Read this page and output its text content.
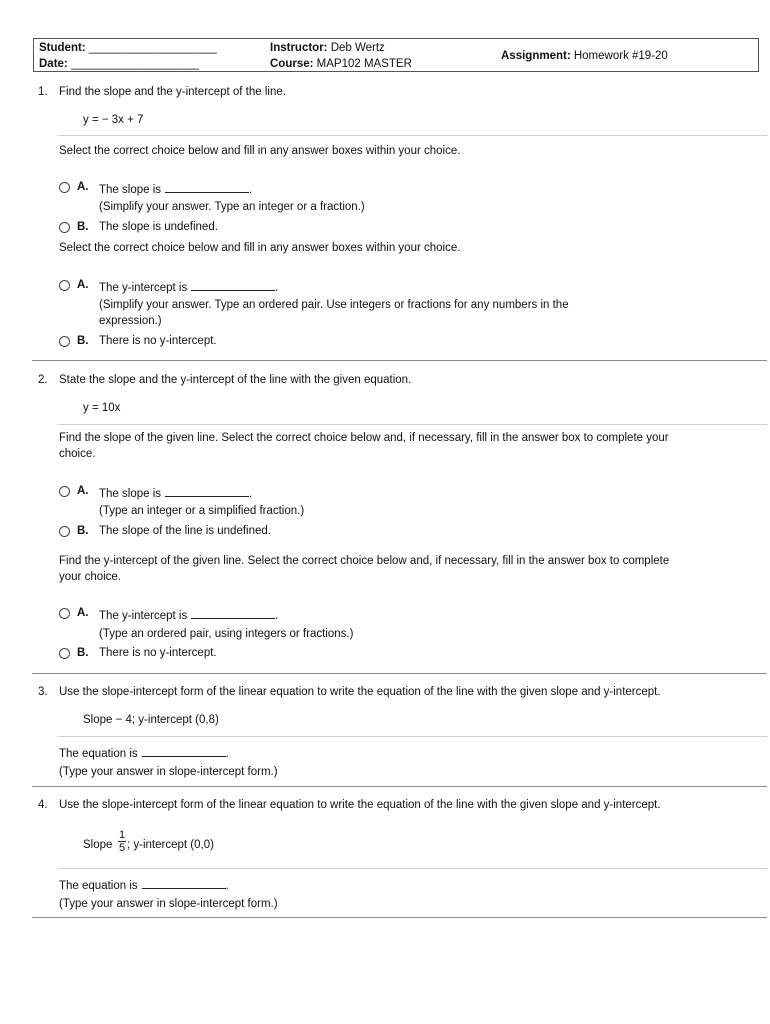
Student: ____________________
Date: ____________________
Instructor: Deb Wertz
Course: MAP102 MASTER
Assignment: Homework #19-20
1. Find the slope and the y-intercept of the line.
y = − 3x + 7
Select the correct choice below and fill in any answer boxes within your choice.
A. The slope is	.
(Simplify your answer. Type an integer or a fraction.)
B. The slope is undefined.
Select the correct choice below and fill in any answer boxes within your choice.
A. The y-intercept is	.
(Simplify your answer. Type an ordered pair. Use integers or fractions for any numbers in the
expression.)
B. There is no y-intercept.
2. State the slope and the y-intercept of the line with the given equation.
y = 10x
Find the slope of the given line. Select the correct choice below and, if necessary, fill in the answer box to complete your
choice.
A. The slope is	.
(Type an integer or a simplified fraction.)
B. The slope of the line is undefined.
Find the y-intercept of the given line. Select the correct choice below and, if necessary, fill in the answer box to complete
your choice.
A. The y-intercept is	.
(Type an ordered pair, using integers or fractions.)
B. There is no y-intercept.
3. Use the slope-intercept form of the linear equation to write the equation of the line with the given slope and y-intercept.
Slope − 4; y-intercept (0,8)
The equation is	.
(Type your answer in slope-intercept form.)
4. Use the slope-intercept form of the linear equation to write the equation of the line with the given slope and y-intercept.
Slope
1
5 ; y-intercept (0,0)
The equation is	.
(Type your answer in slope-intercept form.)
